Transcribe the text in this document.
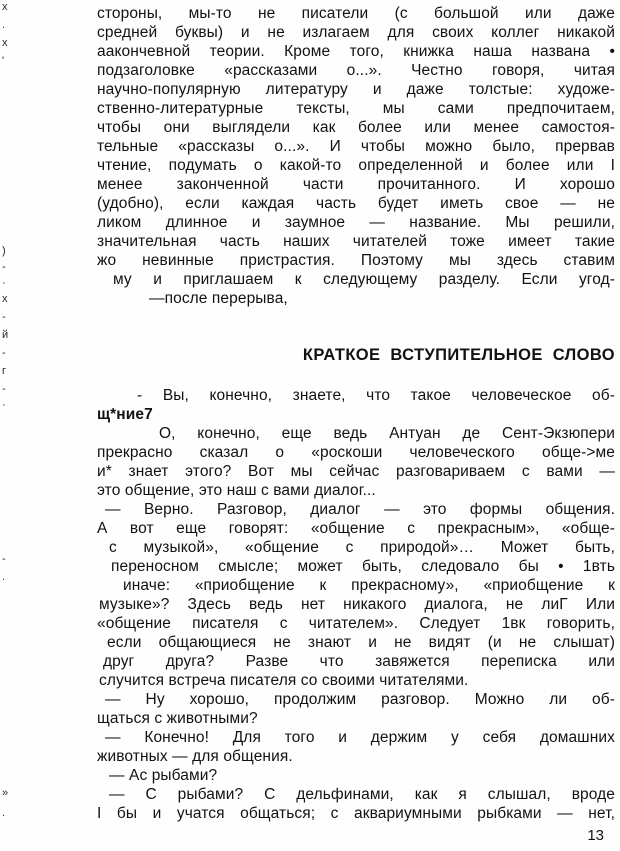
х
.
х
'
)
-
·
х
-
й
-
г
-
·
-
.
»
.
стороны, мы-то не писатели (с большой или даже
средней буквы) и не излагаем для своих коллег никакой
аакончевной теории. Кроме того, книжка наша названа •
подзаголовке «рассказами о...». Честно говоря, читая
научно-популярную литературу и даже толстые: художе-
ственно-литературные тексты, мы сами предпочитаем,
чтобы они выглядели как более или менее самостоя-
тельные «рассказы о...». И чтобы можно было, прервав
чтение, подумать о какой-то определенной и более или I
менее законченной части прочитанного. И хорошо
(удобно), если каждая часть будет иметь свое — не
ликом длинное и заумное — название. Мы решили,
значительная часть наших читателей тоже имеет такие
жо невинные пристрастия. Поэтому мы здесь ставим
му и приглашаем к следующему разделу. Если угод-
—после перерыва,
КРАТКОЕ ВСТУПИТЕЛЬНОЕ СЛОВО
- Вы, конечно, знаете, что такое человеческое об-
щ*ние7
О, конечно, еще ведь Антуан де Сент-Экзюпери
прекрасно сказал о «роскоши человеческого обще->ме
и* знает этого? Вот мы сейчас разговариваем с вами —
это общение, это наш с вами диалог...
— Верно. Разговор, диалог — это формы общения.
А вот еще говорят: «общение с прекрасным», «обще-
с музыкой», «общение с природой»… Может быть,
переносном смысле; может быть, следовало бы • 1вть
иначе: «приобщение к прекрасному», «приобщение к
музыке»? Здесь ведь нет никакого диалога, не лиГ Или
«общение писателя с читателем». Следует 1вк говорить,
если общающиеся не знают и не видят (и не слышат)
друг друга? Разве что завяжется переписка или
случится встреча писателя со своими читателями.
— Ну хорошо, продолжим разговор. Можно ли об-
щаться с животными?
— Конечно! Для того и держим у себя домашних
животных — для общения.
— Ас рыбами?
— С рыбами? С дельфинами, как я слышал, вроде
I бы и учатся общаться; с аквариумными рыбками — нет,
13
